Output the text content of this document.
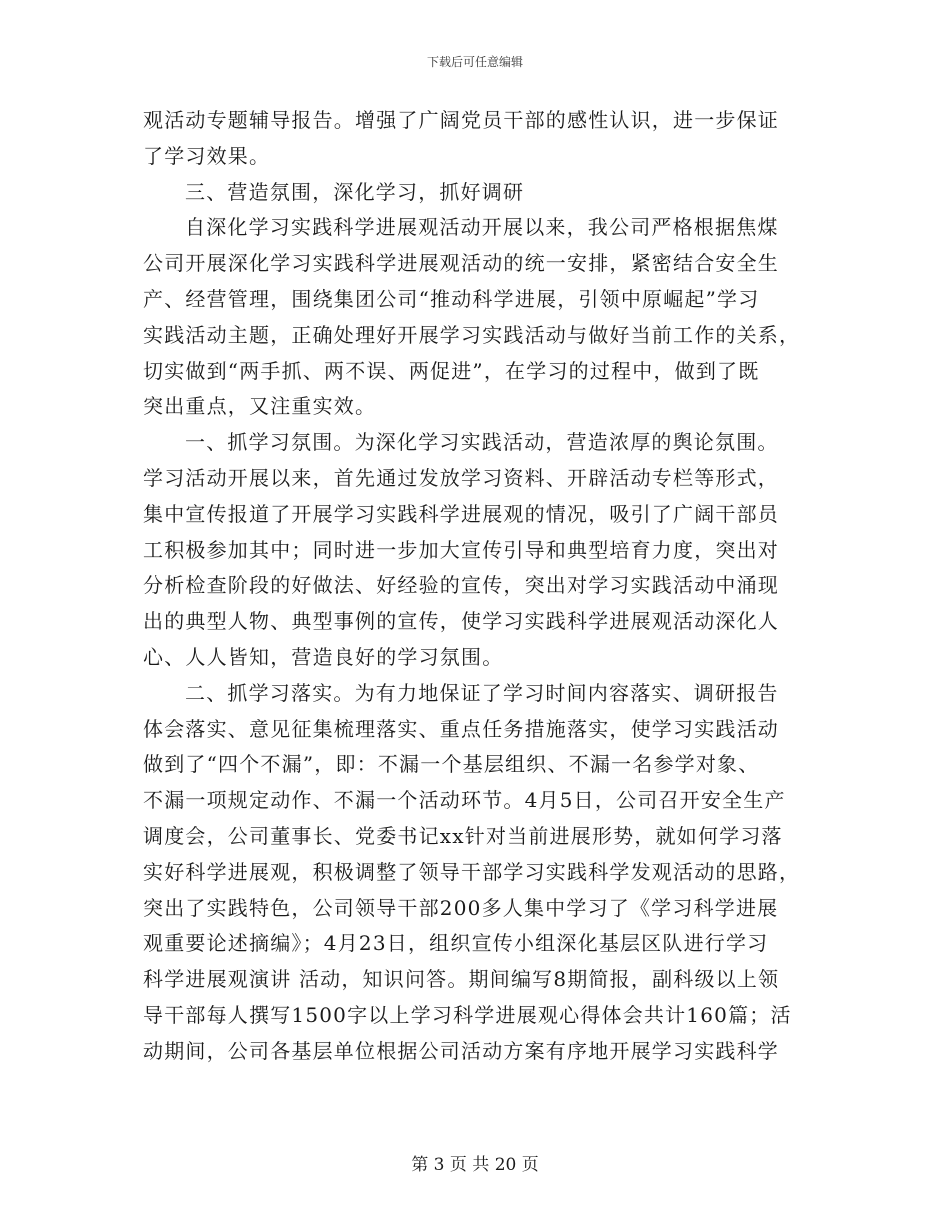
下载后可任意编辑
观活动专题辅导报告。增强了广阔党员干部的感性认识，进一步保证
了学习效果。
三、营造氛围，深化学习，抓好调研
自深化学习实践科学进展观活动开展以来，我公司严格根据焦煤
公司开展深化学习实践科学进展观活动的统一安排，紧密结合安全生
产、经营管理，围绕集团公司“推动科学进展，引领中原崛起”学习
实践活动主题，正确处理好开展学习实践活动与做好当前工作的关系，
切实做到“两手抓、两不误、两促进”，在学习的过程中，做到了既
突出重点，又注重实效。
一、抓学习氛围。为深化学习实践活动，营造浓厚的舆论氛围。
学习活动开展以来，首先通过发放学习资料、开辟活动专栏等形式，
集中宣传报道了开展学习实践科学进展观的情况，吸引了广阔干部员
工积极参加其中；同时进一步加大宣传引导和典型培育力度，突出对
分析检查阶段的好做法、好经验的宣传，突出对学习实践活动中涌现
出的典型人物、典型事例的宣传，使学习实践科学进展观活动深化人
心、人人皆知，营造良好的学习氛围。
二、抓学习落实。为有力地保证了学习时间内容落实、调研报告
体会落实、意见征集梳理落实、重点任务措施落实，使学习实践活动
做到了“四个不漏”，即：不漏一个基层组织、不漏一名参学对象、
不漏一项规定动作、不漏一个活动环节。4月5日，公司召开安全生产
调度会，公司董事长、党委书记xx针对当前进展形势，就如何学习落
实好科学进展观，积极调整了领导干部学习实践科学发观活动的思路，
突出了实践特色，公司领导干部200多人集中学习了《学习科学进展
观重要论述摘编》；4月23日，组织宣传小组深化基层区队进行学习
科学进展观演讲 活动，知识问答。期间编写8期简报，副科级以上领
导干部每人撰写1500字以上学习科学进展观心得体会共计160篇；活
动期间，公司各基层单位根据公司活动方案有序地开展学习实践科学
第 3 页 共 20 页
